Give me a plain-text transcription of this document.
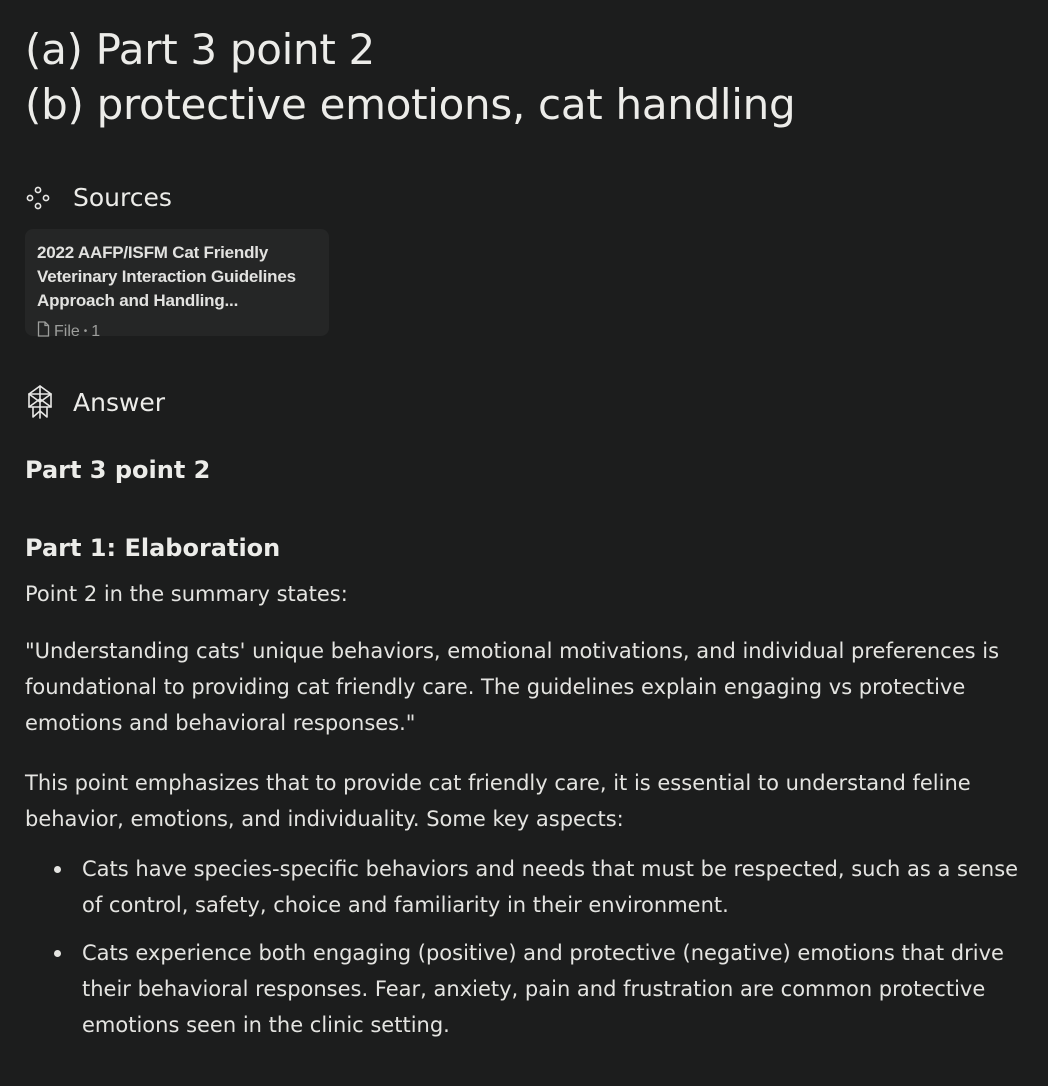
(a) Part 3 point 2
(b) protective emotions, cat handling
Sources
2022 AAFP/ISFM Cat Friendly Veterinary Interaction Guidelines Approach and Handling...
File • 1
Answer
Part 3 point 2
Part 1: Elaboration

Point 2 in the summary states:

"Understanding cats' unique behaviors, emotional motivations, and individual preferences is foundational to providing cat friendly care. The guidelines explain engaging vs protective emotions and behavioral responses."

This point emphasizes that to provide cat friendly care, it is essential to understand feline behavior, emotions, and individuality. Some key aspects:

Cats have species-specific behaviors and needs that must be respected, such as a sense of control, safety, choice and familiarity in their environment.
Cats experience both engaging (positive) and protective (negative) emotions that drive their behavioral responses. Fear, anxiety, pain and frustration are common protective emotions seen in the clinic setting.
